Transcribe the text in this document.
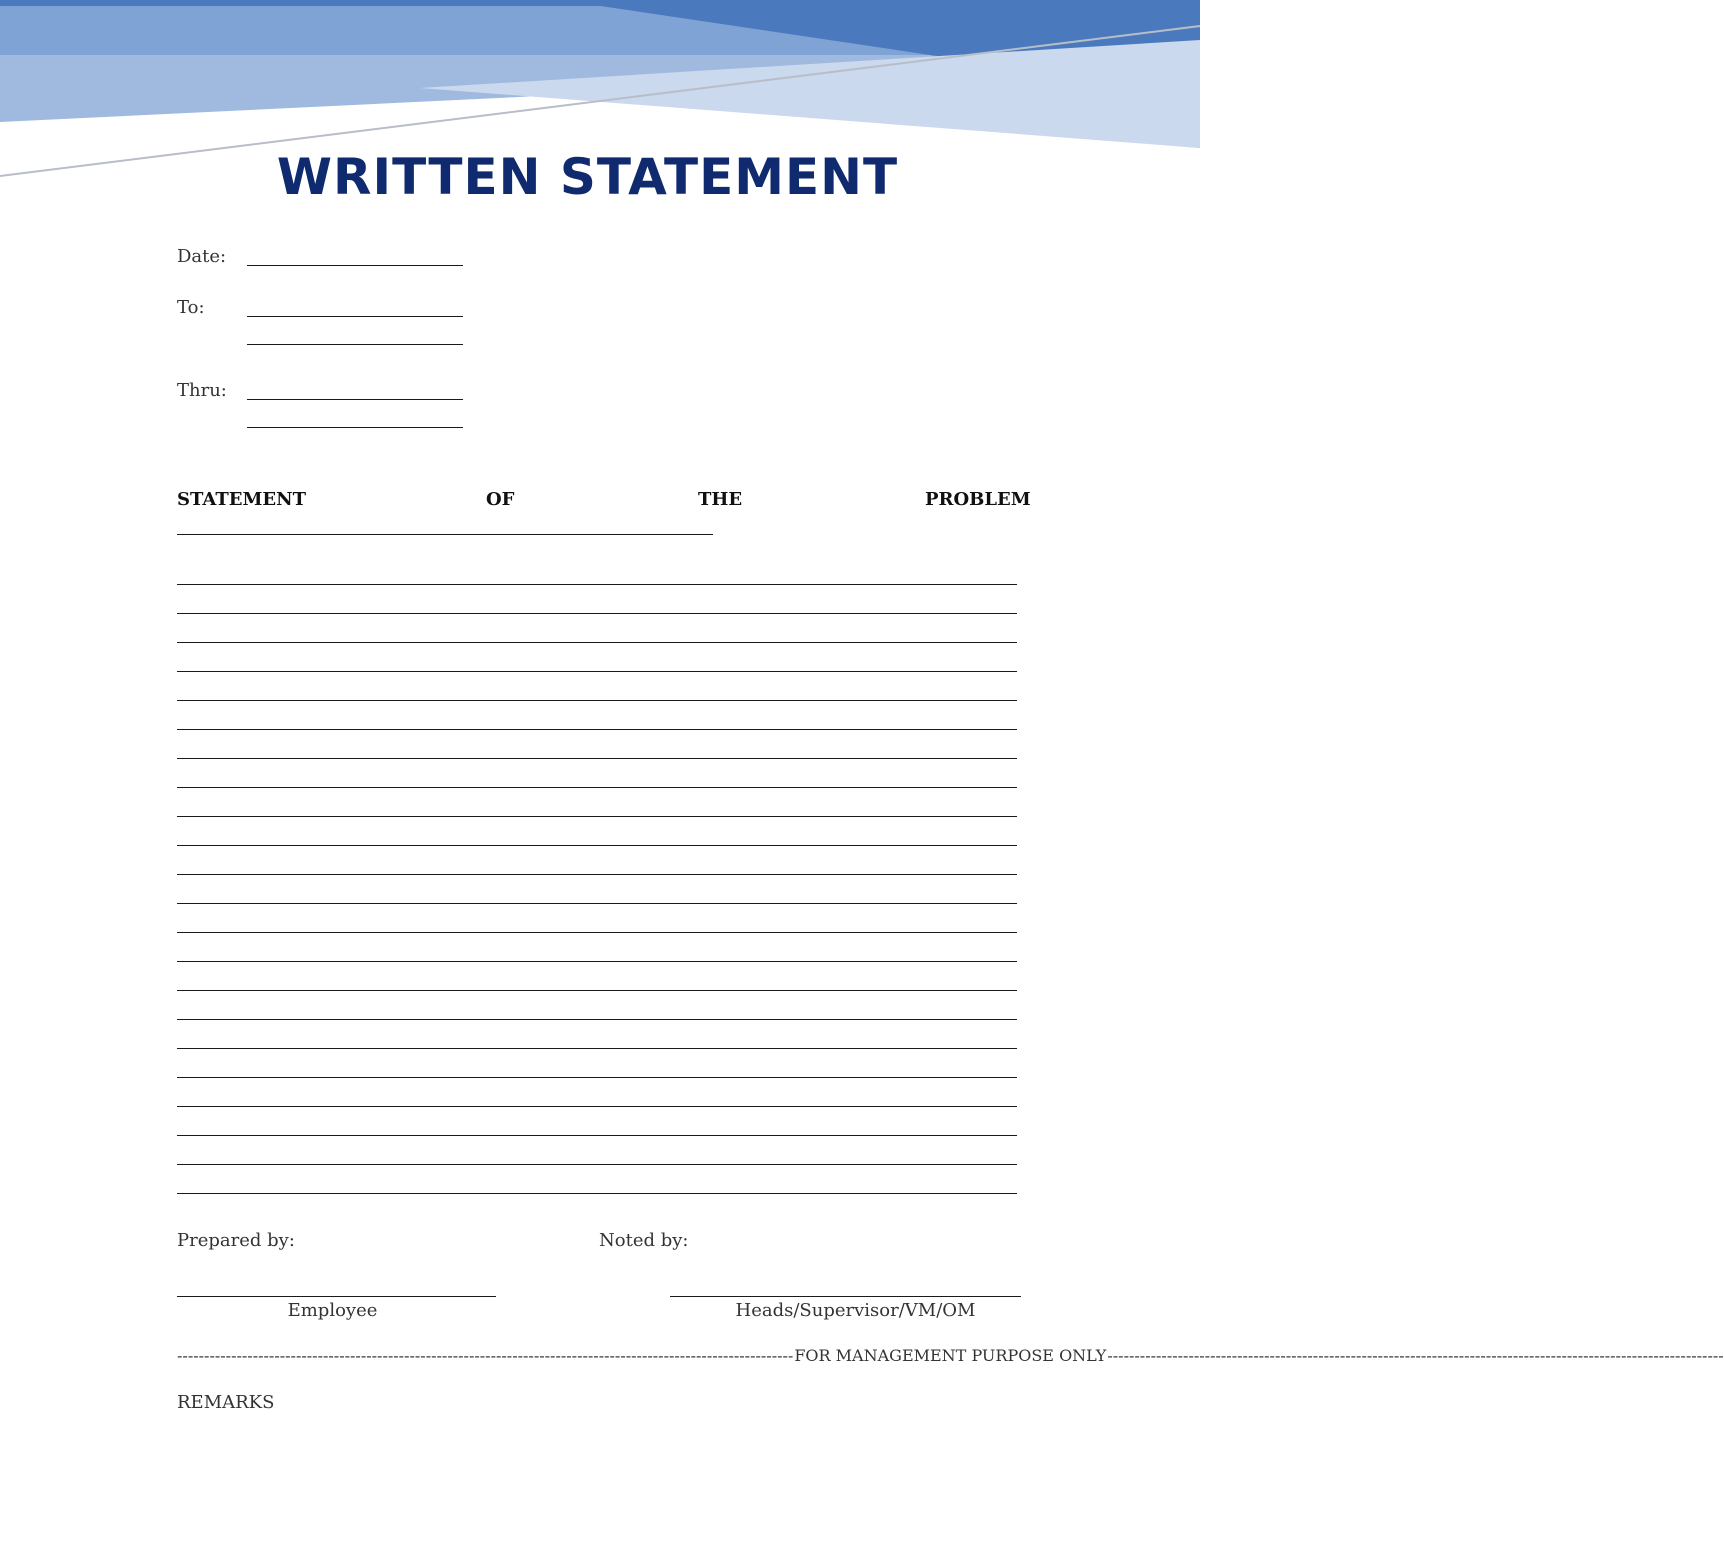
WRITTEN STATEMENT
Date:
To:
Thru:
STATEMENT	OF	THE	PROBLEM
Prepared by:	Noted by:
Employee	Heads/Supervisor/VM/OM
------------------------------------------------------------------------------------------------------------------ FOR MANAGEMENT PURPOSE ONLY ------------------------------------------------------------------------------------------------------------------
REMARKS
